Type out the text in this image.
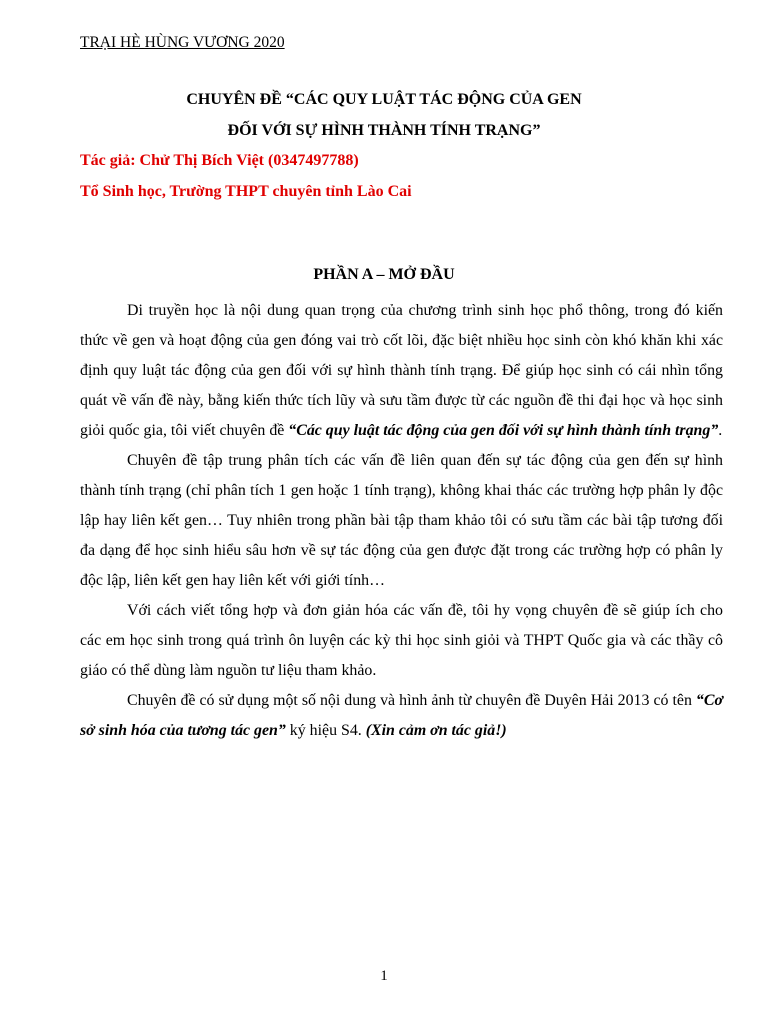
TRẠI HÈ HÙNG VƯƠNG 2020
CHUYÊN ĐỀ “CÁC QUY LUẬT TÁC ĐỘNG CỦA GEN
ĐỐI VỚI SỰ HÌNH THÀNH TÍNH TRẠNG”
Tác giả: Chử Thị Bích Việt (0347497788)
Tổ Sinh học, Trường THPT chuyên tỉnh Lào Cai
PHẦN A – MỞ ĐẦU

Di truyền học là nội dung quan trọng của chương trình sinh học phổ thông, trong đó kiến thức về gen và hoạt động của gen đóng vai trò cốt lõi, đặc biệt nhiều học sinh còn khó khăn khi xác định quy luật tác động của gen đối với sự hình thành tính trạng. Để giúp học sinh có cái nhìn tổng quát về vấn đề này, bằng kiến thức tích lũy và sưu tầm được từ các nguồn đề thi đại học và học sinh giỏi quốc gia, tôi viết chuyên đề “Các quy luật tác động của gen đối với sự hình thành tính trạng”.

Chuyên đề tập trung phân tích các vấn đề liên quan đến sự tác động của gen đến sự hình thành tính trạng (chỉ phân tích 1 gen hoặc 1 tính trạng), không khai thác các trường hợp phân ly độc lập hay liên kết gen… Tuy nhiên trong phần bài tập tham khảo tôi có sưu tầm các bài tập tương đối đa dạng để học sinh hiểu sâu hơn về sự tác động của gen được đặt trong các trường hợp có phân ly độc lập, liên kết gen hay liên kết với giới tính…

Với cách viết tổng hợp và đơn giản hóa các vấn đề, tôi hy vọng chuyên đề sẽ giúp ích cho các em học sinh trong quá trình ôn luyện các kỳ thi học sinh giỏi và THPT Quốc gia và các thầy cô giáo có thể dùng làm nguồn tư liệu tham khảo.

Chuyên đề có sử dụng một số nội dung và hình ảnh từ chuyên đề Duyên Hải 2013 có tên “Cơ sở sinh hóa của tương tác gen” ký hiệu S4. (Xin cảm ơn tác giả!)

1
